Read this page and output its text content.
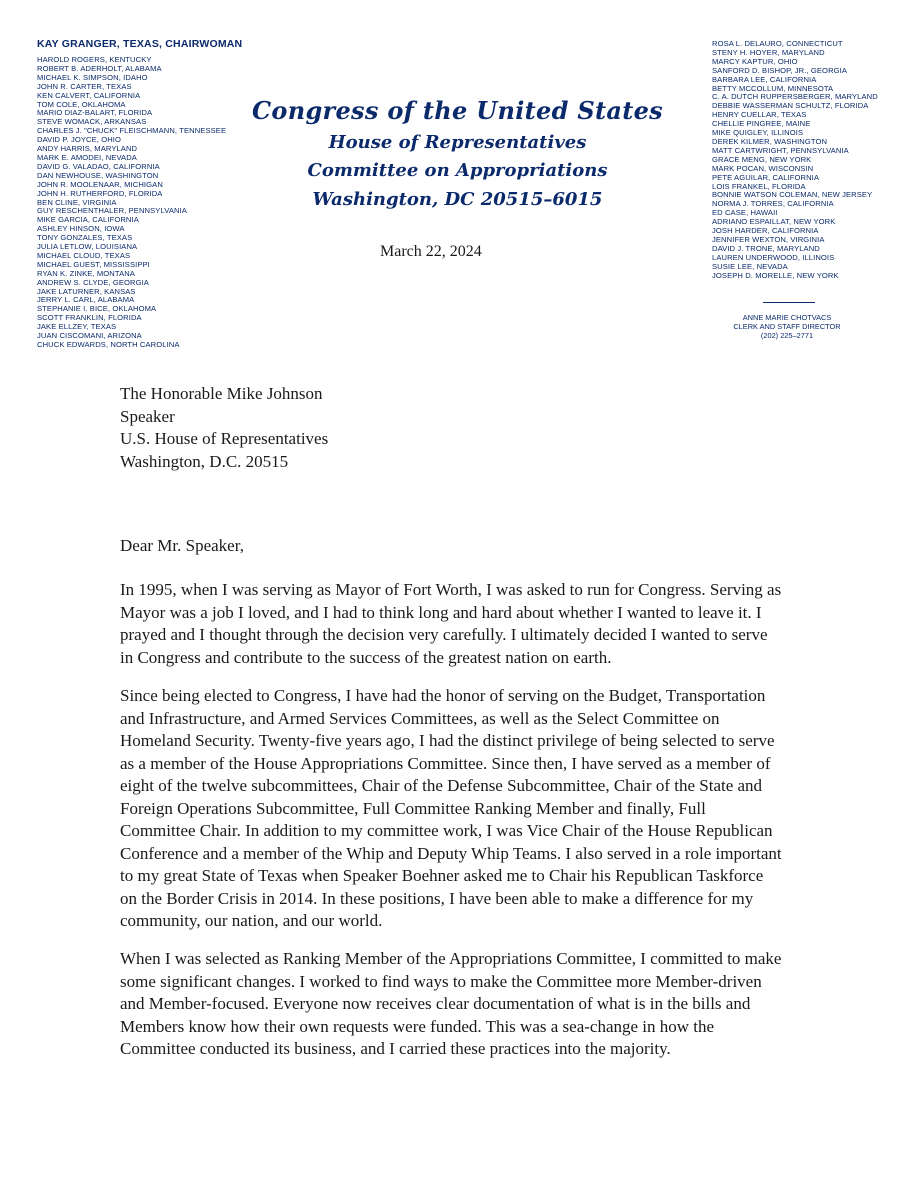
KAY GRANGER, TEXAS, CHAIRWOMAN
HAROLD ROGERS, KENTUCKY
ROBERT B. ADERHOLT, ALABAMA
MICHAEL K. SIMPSON, IDAHO
JOHN R. CARTER, TEXAS
KEN CALVERT, CALIFORNIA
TOM COLE, OKLAHOMA
MARIO DIAZ-BALART, FLORIDA
STEVE WOMACK, ARKANSAS
CHARLES J. "CHUCK" FLEISCHMANN, TENNESSEE
DAVID P. JOYCE, OHIO
ANDY HARRIS, MARYLAND
MARK E. AMODEI, NEVADA
DAVID G. VALADAO, CALIFORNIA
DAN NEWHOUSE, WASHINGTON
JOHN R. MOOLENAAR, MICHIGAN
JOHN H. RUTHERFORD, FLORIDA
BEN CLINE, VIRGINIA
GUY RESCHENTHALER, PENNSYLVANIA
MIKE GARCIA, CALIFORNIA
ASHLEY HINSON, IOWA
TONY GONZALES, TEXAS
JULIA LETLOW, LOUISIANA
MICHAEL CLOUD, TEXAS
MICHAEL GUEST, MISSISSIPPI
RYAN K. ZINKE, MONTANA
ANDREW S. CLYDE, GEORGIA
JAKE LATURNER, KANSAS
JERRY L. CARL, ALABAMA
STEPHANIE I. BICE, OKLAHOMA
SCOTT FRANKLIN, FLORIDA
JAKE ELLZEY, TEXAS
JUAN CISCOMANI, ARIZONA
CHUCK EDWARDS, NORTH CAROLINA
ROSA L. DELAURO, CONNECTICUT
STENY H. HOYER, MARYLAND
MARCY KAPTUR, OHIO
SANFORD D. BISHOP, JR., GEORGIA
BARBARA LEE, CALIFORNIA
BETTY MCCOLLUM, MINNESOTA
C. A. DUTCH RUPPERSBERGER, MARYLAND
DEBBIE WASSERMAN SCHULTZ, FLORIDA
HENRY CUELLAR, TEXAS
CHELLIE PINGREE, MAINE
MIKE QUIGLEY, ILLINOIS
DEREK KILMER, WASHINGTON
MATT CARTWRIGHT, PENNSYLVANIA
GRACE MENG, NEW YORK
MARK POCAN, WISCONSIN
PETE AGUILAR, CALIFORNIA
LOIS FRANKEL, FLORIDA
BONNIE WATSON COLEMAN, NEW JERSEY
NORMA J. TORRES, CALIFORNIA
ED CASE, HAWAII
ADRIANO ESPAILLAT, NEW YORK
JOSH HARDER, CALIFORNIA
JENNIFER WEXTON, VIRGINIA
DAVID J. TRONE, MARYLAND
LAUREN UNDERWOOD, ILLINOIS
SUSIE LEE, NEVADA
JOSEPH D. MORELLE, NEW YORK
Congress of the United States
House of Representatives
Committee on Appropriations
Washington, DC 20515–6015
March 22, 2024
ANNE MARIE CHOTVACS
CLERK AND STAFF DIRECTOR
(202) 225–2771
The Honorable Mike Johnson
Speaker
U.S. House of Representatives
Washington, D.C. 20515
Dear Mr. Speaker,
In 1995, when I was serving as Mayor of Fort Worth, I was asked to run for Congress. Serving as
Mayor was a job I loved, and I had to think long and hard about whether I wanted to leave it. I
prayed and I thought through the decision very carefully. I ultimately decided I wanted to serve
in Congress and contribute to the success of the greatest nation on earth.
Since being elected to Congress, I have had the honor of serving on the Budget, Transportation
and Infrastructure, and Armed Services Committees, as well as the Select Committee on
Homeland Security. Twenty-five years ago, I had the distinct privilege of being selected to serve
as a member of the House Appropriations Committee. Since then, I have served as a member of
eight of the twelve subcommittees, Chair of the Defense Subcommittee, Chair of the State and
Foreign Operations Subcommittee, Full Committee Ranking Member and finally, Full
Committee Chair. In addition to my committee work, I was Vice Chair of the House Republican
Conference and a member of the Whip and Deputy Whip Teams. I also served in a role important
to my great State of Texas when Speaker Boehner asked me to Chair his Republican Taskforce
on the Border Crisis in 2014. In these positions, I have been able to make a difference for my
community, our nation, and our world.
When I was selected as Ranking Member of the Appropriations Committee, I committed to make
some significant changes. I worked to find ways to make the Committee more Member-driven
and Member-focused. Everyone now receives clear documentation of what is in the bills and
Members know how their own requests were funded. This was a sea-change in how the
Committee conducted its business, and I carried these practices into the majority.
